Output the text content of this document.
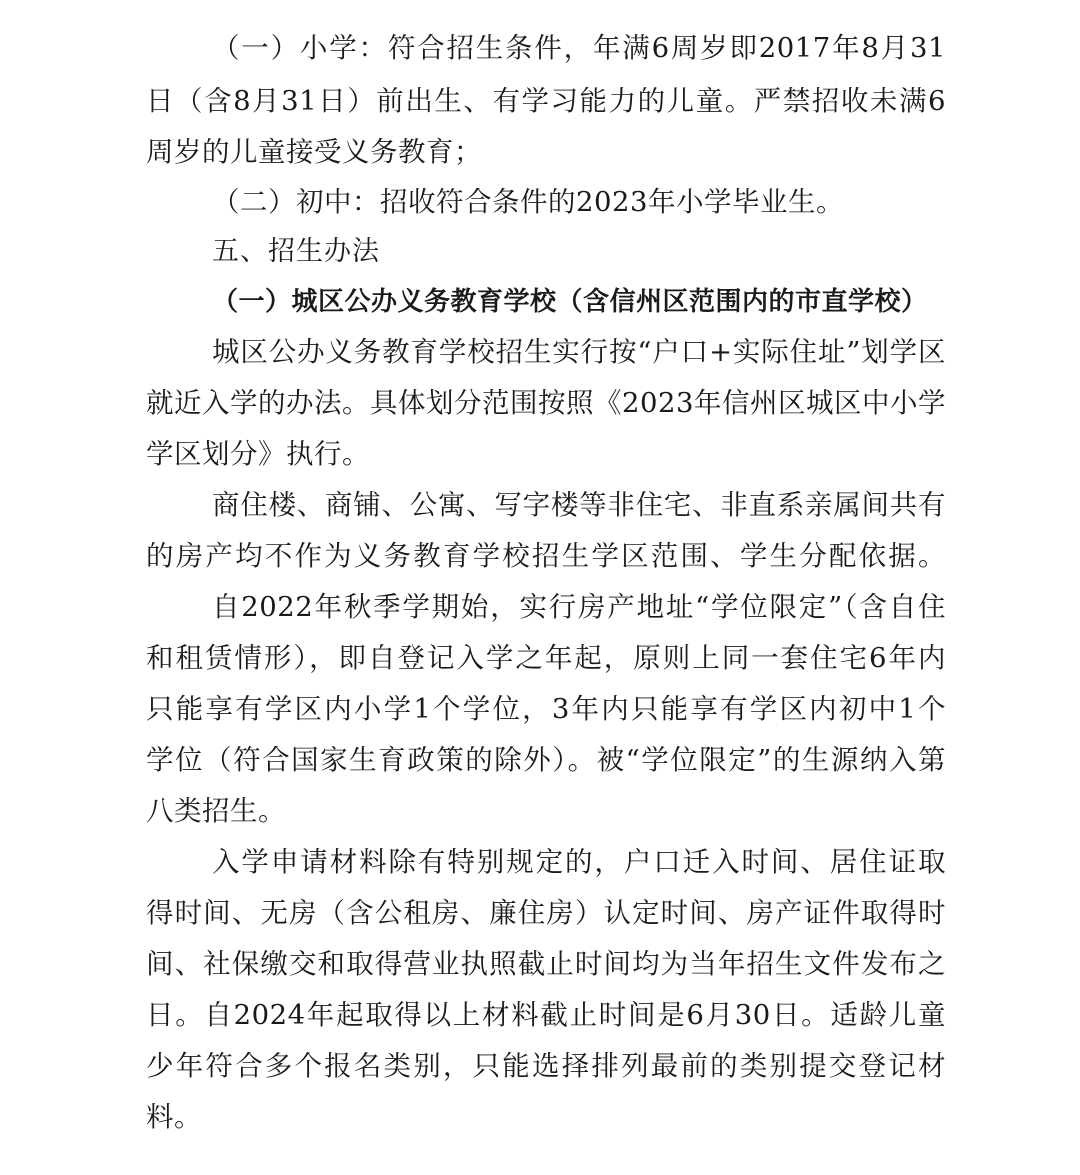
（一）小学：符合招生条件，年满6周岁即2017年8月31
日（含8月31日）前出生、有学习能力的儿童。严禁招收未满6
周岁的儿童接受义务教育；
（二）初中：招收符合条件的2023年小学毕业生。
五、招生办法
（一）城区公办义务教育学校（含信州区范围内的市直学校）
城区公办义务教育学校招生实行按“户口+实际住址”划学区
就近入学的办法。具体划分范围按照《2023年信州区城区中小学
学区划分》执行。
商住楼、商铺、公寓、写字楼等非住宅、非直系亲属间共有
的房产均不作为义务教育学校招生学区范围、学生分配依据。
自2022年秋季学期始，实行房产地址“学位限定”（含自住
和租赁情形），即自登记入学之年起，原则上同一套住宅6年内
只能享有学区内小学1个学位，3年内只能享有学区内初中1个
学位（符合国家生育政策的除外）。被“学位限定”的生源纳入第
八类招生。
入学申请材料除有特别规定的，户口迁入时间、居住证取
得时间、无房（含公租房、廉住房）认定时间、房产证件取得时
间、社保缴交和取得营业执照截止时间均为当年招生文件发布之
日。自2024年起取得以上材料截止时间是6月30日。适龄儿童
少年符合多个报名类别，只能选择排列最前的类别提交登记材
料。
